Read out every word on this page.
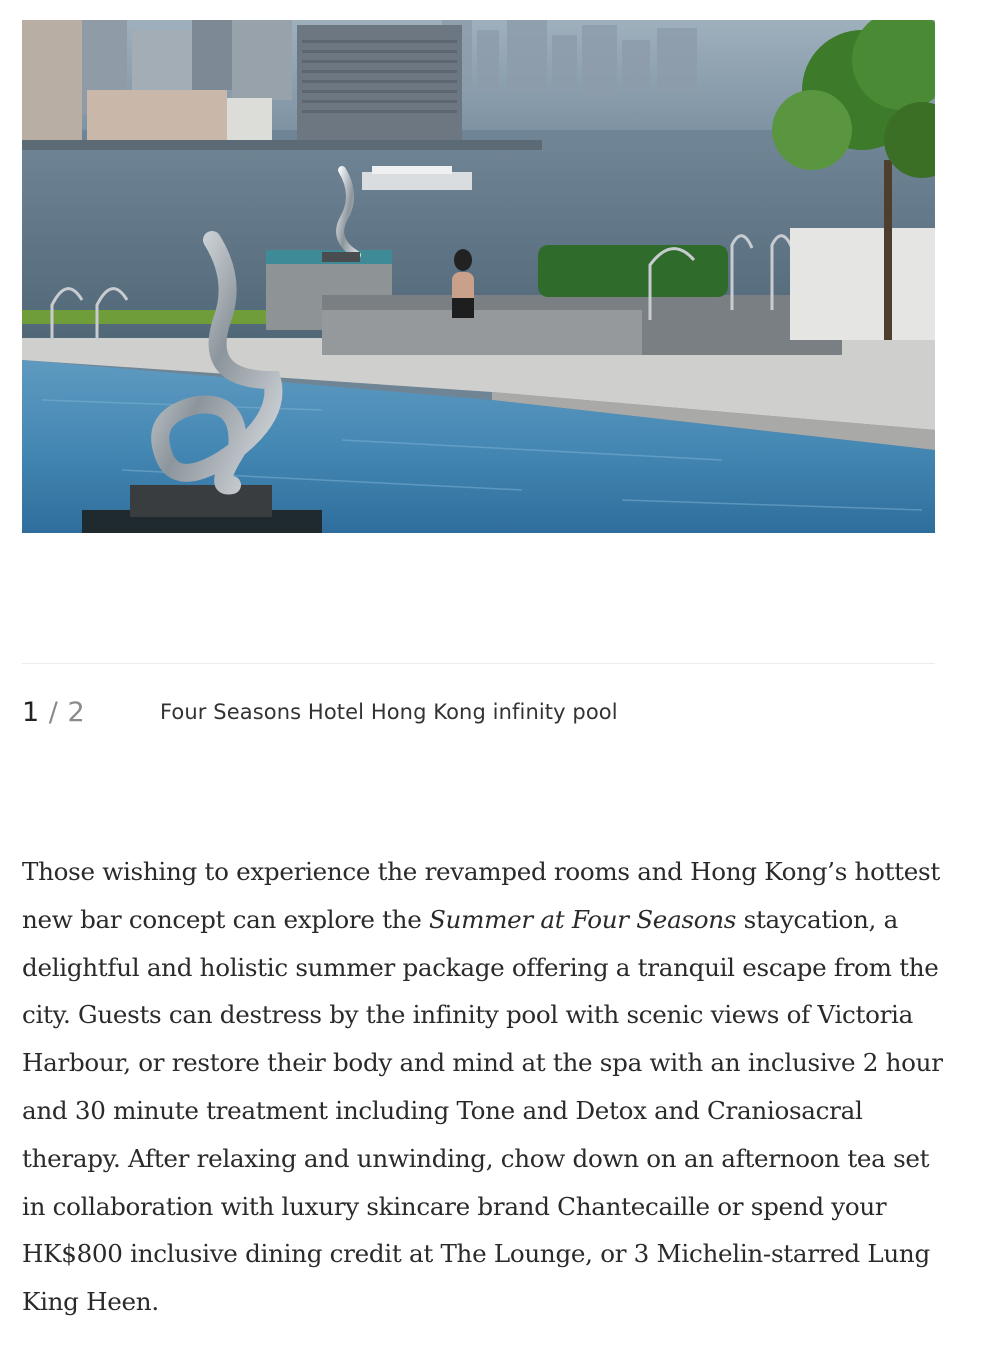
1 / 2	Four Seasons Hotel Hong Kong infinity pool

Those wishing to experience the revamped rooms and Hong Kong’s hottest new bar concept can explore the Summer at Four Seasons staycation, a delightful and holistic summer package offering a tranquil escape from the city. Guests can destress by the infinity pool with scenic views of Victoria Harbour, or restore their body and mind at the spa with an inclusive 2 hour and 30 minute treatment including Tone and Detox and Craniosacral therapy. After relaxing and unwinding, chow down on an afternoon tea set in collaboration with luxury skincare brand Chantecaille or spend your HK$800 inclusive dining credit at The Lounge, or 3 Michelin-starred Lung King Heen.
